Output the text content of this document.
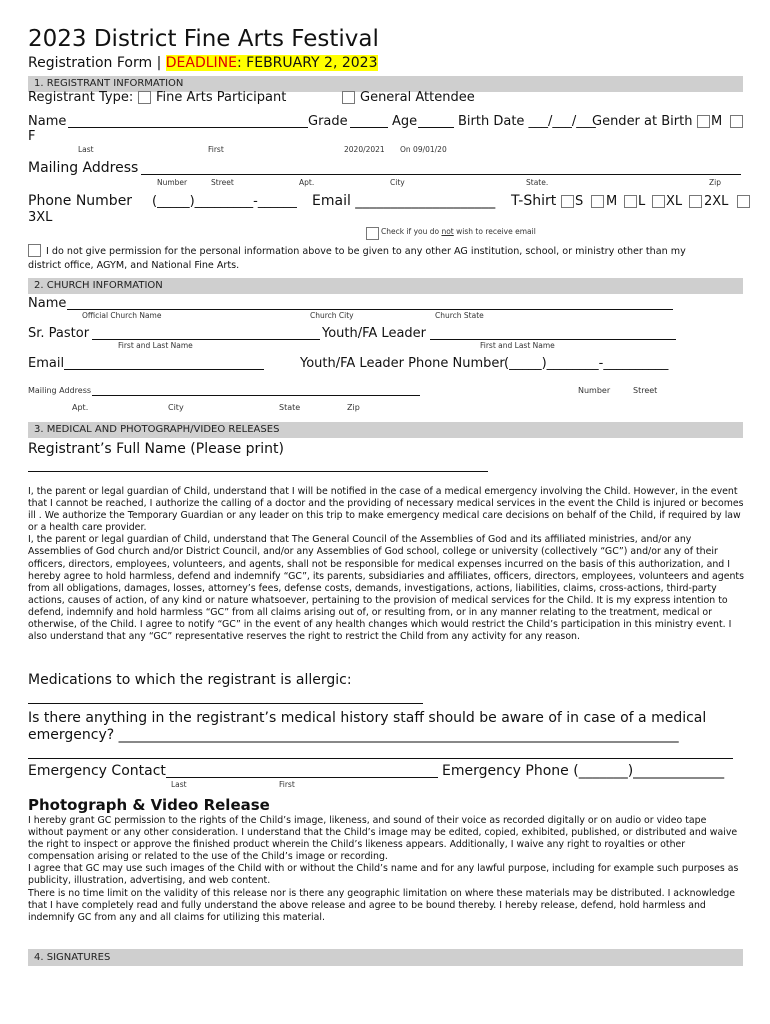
2023 District Fine Arts Festival
Registration Form | DEADLINE: FEBRUARY 2, 2023
1. REGISTRANT INFORMATION
Registrant Type: Fine Arts Participant	General Attendee
Name	Grade	Age	Birth Date ___/___/___
Gender at Birth M
F
Last	First	2020/2021 On 09/01/20
Mailing Address
Number	Street	Apt.	City	State.	Zip
Phone Number (_____)_________-______ Email ____________________ T-Shirt S M L XL 2XL
3XL
Check if you do not wish to receive email
I do not give permission for the personal information above to be given to any other AG institution, school, or ministry other than my
district office, AGYM, and National Fine Arts.
2. CHURCH INFORMATION
Name
Official Church Name	Church City	Church State
Sr. Pastor	Youth/FA Leader
First and Last Name	First and Last Name
Email	Youth/FA Leader Phone Number (_____)________-__________
Mailing Address	Number	Street
Apt.	City	State	Zip
3. MEDICAL AND PHOTOGRAPH/VIDEO RELEASES
Registrant’s Full Name (Please print)

I, the parent or legal guardian of Child, understand that I will be notified in the case of a medical emergency involving the Child. However, in the event that I cannot be reached, I authorize the calling of a doctor and the providing of necessary medical services in the event the Child is injured or becomes ill . We authorize the Temporary Guardian or any leader on this trip to make emergency medical care decisions on behalf of the Child, if required by law or a health care provider.

I, the parent or legal guardian of Child, understand that The General Council of the Assemblies of God and its affiliated ministries, and/or any Assemblies of God church and/or District Council, and/or any Assemblies of God school, college or university (collectively “GC”) and/or any of their officers, directors, employees, volunteers, and agents, shall not be responsible for medical expenses incurred on the basis of this authorization, and I hereby agree to hold harmless, defend and indemnify “GC”, its parents, subsidiaries and affiliates, officers, directors, employees, volunteers and agents from all obligations, damages, losses, attorney’s fees, defense costs, demands, investigations, actions, liabilities, claims, cross-actions, third-party actions, causes of action, of any kind or nature whatsoever, pertaining to the provision of medical services for the Child. It is my express intention to defend, indemnify and hold harmless “GC” from all claims arising out of, or resulting from, or in any manner relating to the treatment, medical or otherwise, of the Child. I agree to notify “GC” in the event of any health changes which would restrict the Child’s participation in this ministry event. I also understand that any “GC” representative reserves the right to restrict the Child from any activity for any reason.

Medications to which the registrant is allergic:
Is there anything in the registrant’s medical history staff should be aware of in case of a medical
emergency? ________________________________________________________________________________
Emergency Contact	Emergency Phone (_______)_____________
Last	First
Photograph & Video Release

I hereby grant GC permission to the rights of the Child’s image, likeness, and sound of their voice as recorded digitally or on audio or video tape without payment or any other consideration. I understand that the Child’s image may be edited, copied, exhibited, published, or distributed and waive the right to inspect or approve the finished product wherein the Child’s likeness appears. Additionally, I waive any right to royalties or other compensation arising or related to the use of the Child’s image or recording.

I agree that GC may use such images of the Child with or without the Child’s name and for any lawful purpose, including for example such purposes as publicity, illustration, advertising, and web content.

There is no time limit on the validity of this release nor is there any geographic limitation on where these materials may be distributed. I acknowledge that I have completely read and fully understand the above release and agree to be bound thereby. I hereby release, defend, hold harmless and indemnify GC from any and all claims for utilizing this material.

4. SIGNATURES
